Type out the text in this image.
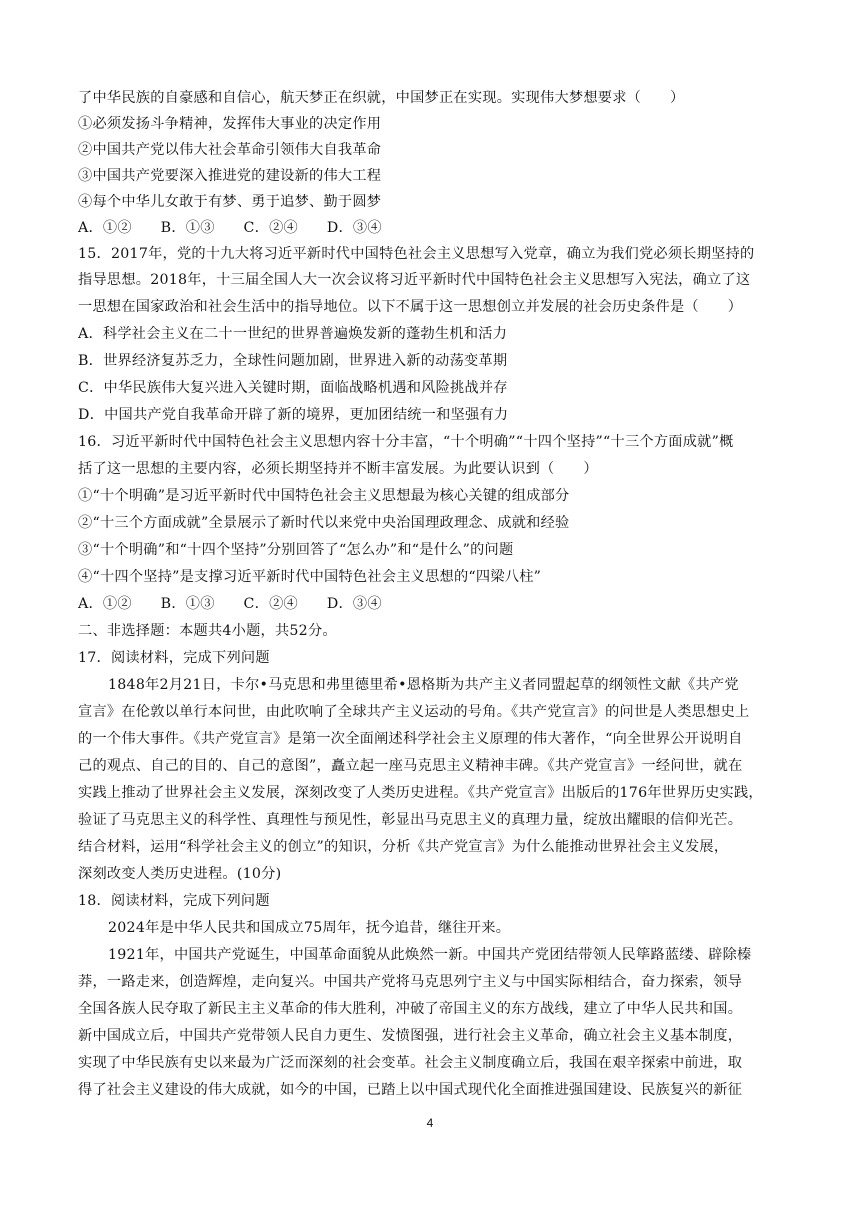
了中华民族的自豪感和自信心，航天梦正在织就，中国梦正在实现。实现伟大梦想要求（　　）
①必须发扬斗争精神，发挥伟大事业的决定作用
②中国共产党以伟大社会革命引领伟大自我革命
③中国共产党要深入推进党的建设新的伟大工程
④每个中华儿女敢于有梦、勇于追梦、勤于圆梦
A．①②　　B．①③　　C．②④　　D．③④
15．2017年，党的十九大将习近平新时代中国特色社会主义思想写入党章，确立为我们党必须长期坚持的
指导思想。2018年，十三届全国人大一次会议将习近平新时代中国特色社会主义思想写入宪法，确立了这
一思想在国家政治和社会生活中的指导地位。以下不属于这一思想创立并发展的社会历史条件是（　　）
A．科学社会主义在二十一世纪的世界普遍焕发新的蓬勃生机和活力
B．世界经济复苏乏力，全球性问题加剧，世界进入新的动荡变革期
C．中华民族伟大复兴进入关键时期，面临战略机遇和风险挑战并存
D．中国共产党自我革命开辟了新的境界，更加团结统一和坚强有力
16．习近平新时代中国特色社会主义思想内容十分丰富，“十个明确”“十四个坚持”“十三个方面成就”概
括了这一思想的主要内容，必须长期坚持并不断丰富发展。为此要认识到（　　）
①“十个明确”是习近平新时代中国特色社会主义思想最为核心关键的组成部分
②“十三个方面成就”全景展示了新时代以来党中央治国理政理念、成就和经验
③“十个明确”和“十四个坚持”分别回答了“怎么办”和“是什么”的问题
④“十四个坚持”是支撑习近平新时代中国特色社会主义思想的“四梁八柱”
A．①②　　B．①③　　C．②④　　D．③④
二、非选择题：本题共4小题，共52分。
17．阅读材料，完成下列问题
1848年2月21日，卡尔•马克思和弗里德里希•恩格斯为共产主义者同盟起草的纲领性文献《共产党
宣言》在伦敦以单行本问世，由此吹响了全球共产主义运动的号角。《共产党宣言》的问世是人类思想史上
的一个伟大事件。《共产党宣言》是第一次全面阐述科学社会主义原理的伟大著作，“向全世界公开说明自
己的观点、自己的目的、自己的意图”，矗立起一座马克思主义精神丰碑。《共产党宣言》一经问世，就在
实践上推动了世界社会主义发展，深刻改变了人类历史进程。《共产党宣言》出版后的176年世界历史实践，
验证了马克思主义的科学性、真理性与预见性，彰显出马克思主义的真理力量，绽放出耀眼的信仰光芒。
结合材料，运用“科学社会主义的创立”的知识，分析《共产党宣言》为什么能推动世界社会主义发展，
深刻改变人类历史进程。(10分)
18．阅读材料，完成下列问题
2024年是中华人民共和国成立75周年，抚今追昔，继往开来。
1921年，中国共产党诞生，中国革命面貌从此焕然一新。中国共产党团结带领人民筚路蓝缕、辟除榛
莽，一路走来，创造辉煌，走向复兴。中国共产党将马克思列宁主义与中国实际相结合，奋力探索，领导
全国各族人民夺取了新民主主义革命的伟大胜利，冲破了帝国主义的东方战线，建立了中华人民共和国。
新中国成立后，中国共产党带领人民自力更生、发愤图强，进行社会主义革命，确立社会主义基本制度，
实现了中华民族有史以来最为广泛而深刻的社会变革。社会主义制度确立后，我国在艰辛探索中前进，取
得了社会主义建设的伟大成就，如今的中国，已踏上以中国式现代化全面推进强国建设、民族复兴的新征
4
